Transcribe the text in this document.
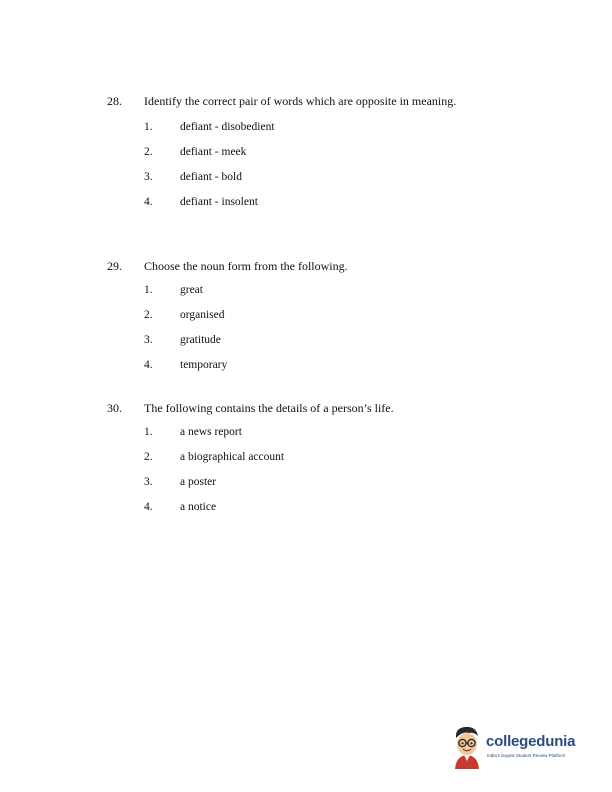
28. Identify the correct pair of words which are opposite in meaning.
1. defiant - disobedient
2. defiant - meek
3. defiant - bold
4. defiant - insolent
29. Choose the noun form from the following.
1. great
2. organised
3. gratitude
4. temporary
30. The following contains the details of a person’s life.
1. a news report
2. a biographical account
3. a poster
4. a notice
collegedunia
India's largest Student Review Platform
